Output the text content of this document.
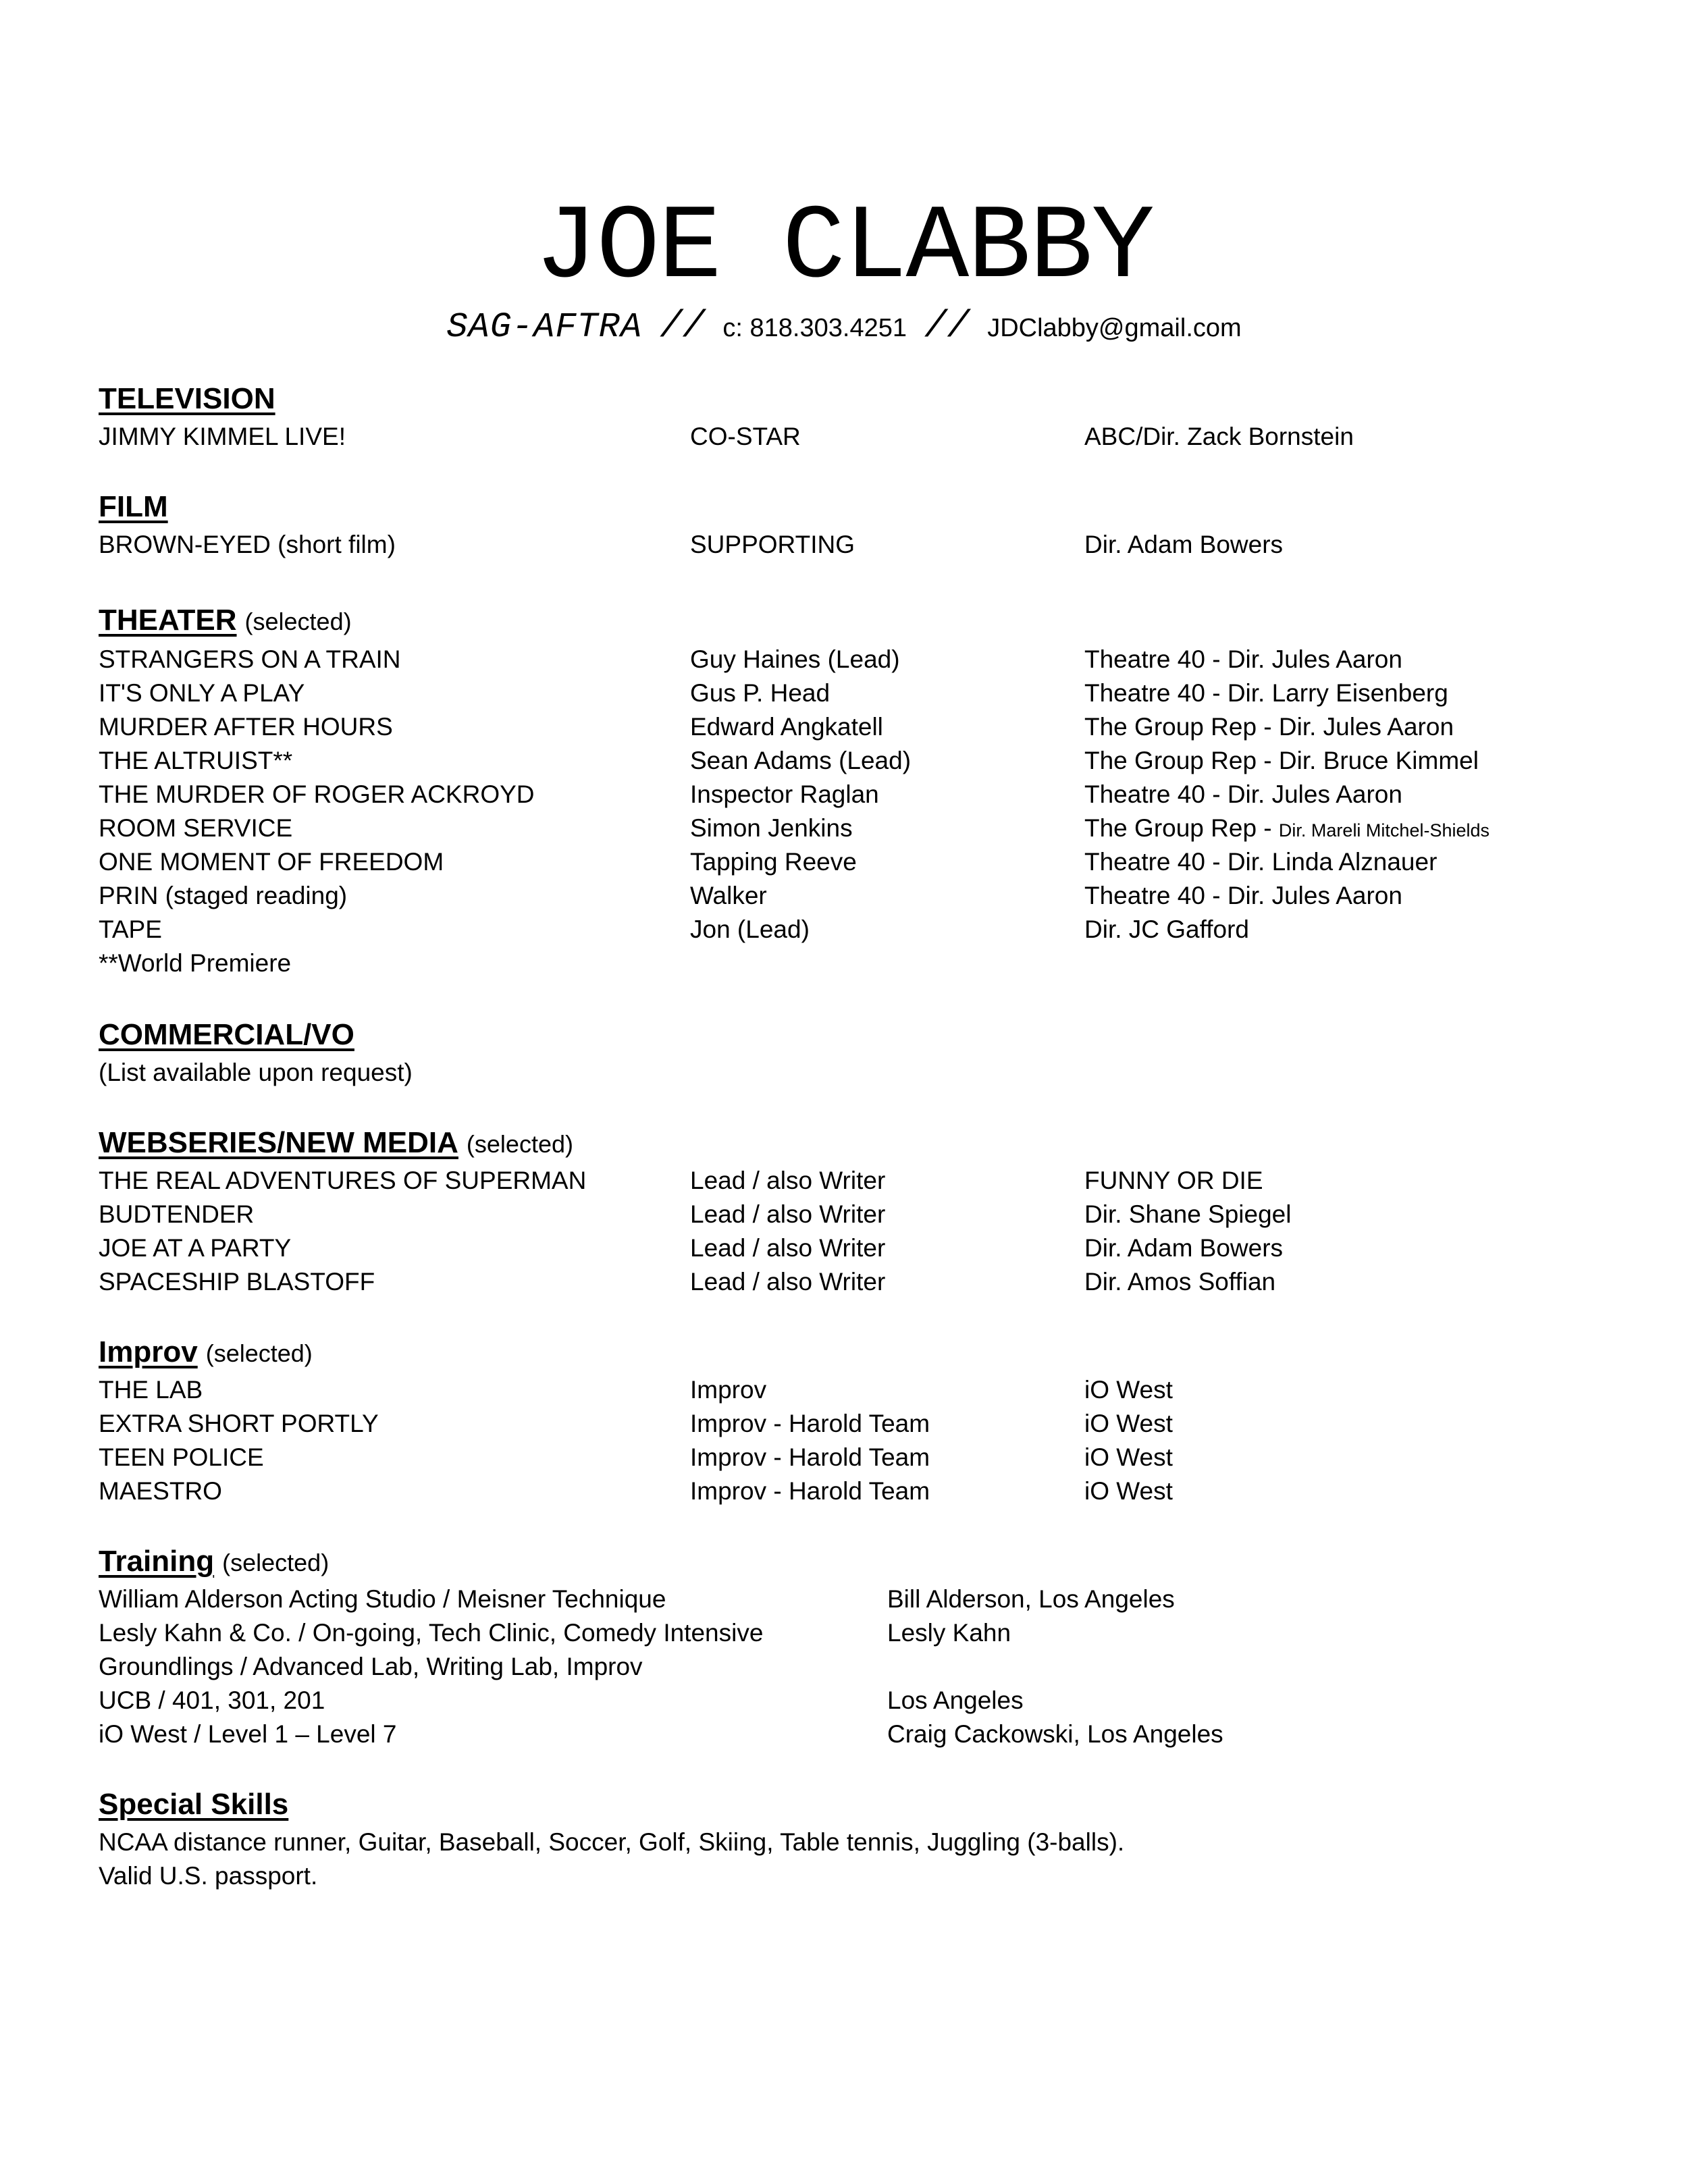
JOE CLABBY
SAG-AFTRA // c: 818.303.4251 // JDClabby@gmail.com
TELEVISION
JIMMY KIMMEL LIVE!	CO-STAR	ABC/Dir. Zack Bornstein
FILM
BROWN-EYED (short film)	SUPPORTING	Dir. Adam Bowers
THEATER (selected)
STRANGERS ON A TRAIN	Guy Haines (Lead)	Theatre 40 - Dir. Jules Aaron
IT'S ONLY A PLAY	Gus P. Head	Theatre 40 - Dir. Larry Eisenberg
MURDER AFTER HOURS	Edward Angkatell	The Group Rep - Dir. Jules Aaron
THE ALTRUIST**	Sean Adams (Lead)	The Group Rep - Dir. Bruce Kimmel
THE MURDER OF ROGER ACKROYD	Inspector Raglan	Theatre 40 - Dir. Jules Aaron
ROOM SERVICE	Simon Jenkins	The Group Rep - Dir. Mareli Mitchel-Shields
ONE MOMENT OF FREEDOM	Tapping Reeve	Theatre 40 - Dir. Linda Alznauer
PRIN (staged reading)	Walker	Theatre 40 - Dir. Jules Aaron
TAPE	Jon (Lead)	Dir. JC Gafford
**World Premiere
COMMERCIAL/VO
(List available upon request)
WEBSERIES/NEW MEDIA (selected)
THE REAL ADVENTURES OF SUPERMAN	Lead / also Writer	FUNNY OR DIE
BUDTENDER	Lead / also Writer	Dir. Shane Spiegel
JOE AT A PARTY	Lead / also Writer	Dir. Adam Bowers
SPACESHIP BLASTOFF	Lead / also Writer	Dir. Amos Soffian
Improv (selected)
THE LAB	Improv	iO West
EXTRA SHORT PORTLY	Improv - Harold Team	iO West
TEEN POLICE	Improv - Harold Team	iO West
MAESTRO	Improv - Harold Team	iO West
Training (selected)
William Alderson Acting Studio / Meisner Technique	Bill Alderson, Los Angeles
Lesly Kahn & Co. / On-going, Tech Clinic, Comedy Intensive	Lesly Kahn
Groundlings / Advanced Lab, Writing Lab, Improv
UCB / 401, 301, 201	Los Angeles
iO West / Level 1 – Level 7	Craig Cackowski, Los Angeles
Special Skills
NCAA distance runner, Guitar, Baseball, Soccer, Golf, Skiing, Table tennis, Juggling (3-balls).
Valid U.S. passport.
